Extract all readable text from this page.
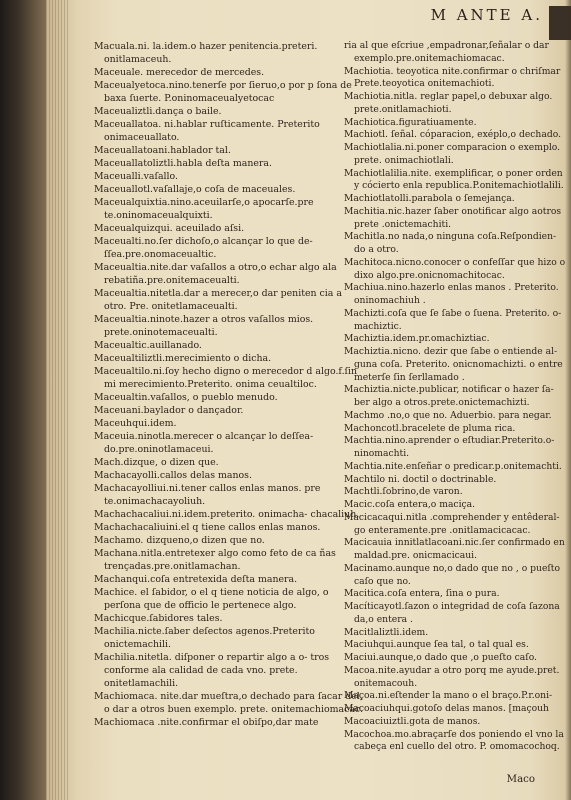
M ANTE A.

Macuala.ni. la.idem.o hazer penitencia.preteri. onitlamaceuh.

Maceuale. merecedor de mercedes.

Maceualyetoca.nino.tenerſe por ſieruo,o por p ſona de baxa ſuerte. P.oninomaceualyetocac

Maceualiztli.dança o baile.

Maceuallatoa. ni.hablar ruſticamente. Preterito onimaceuallato.

Maceuallatoani.hablador tal.

Maceuallatoliztli.habla deſta manera.

Maceualli.vaſallo.

Maceuallotl.vaſallaje,o coſa de maceuales.

Maceualquixtia.nino.aceuilarſe,o apocarſe.pre te.oninomaceualquixti.

Maceualquizqui. aceuilado aſsi.

Maceualti.no.ſer dichoſo,o alcançar lo que de- ſſea.pre.onomaceualtic.

Maceualtia.nite.dar vaſallos a otro,o echar algo ala rebatiña.pre.onitemaceualti.

Maceualtia.nitetla.dar a merecer,o dar peniten cia a otro. Pre. onitetlamaceualti.

Maceualtia.ninote.hazer a otros vaſallos mios. prete.oninotemaceualti.

Maceualtic.auillanado.

Maceualtiliztli.merecimiento o dicha.

Maceualtilo.ni.ſoy hecho digno o merecedor d algo.f.ſin mi merecimiento.Preterito. onima ceualtiloc.

Maceualtin.vaſallos, o pueblo menudo.

Maceuani.baylador o dançador.

Maceuhqui.idem.

Maceuia.ninotla.merecer o alcançar lo deſſea- do.pre.oninotlamaceui.

Mach.dizque, o dizen que.

Machacayolli.callos delas manos.

Machacayolliui.ni.tener callos enlas manos. pre te.onimachacayoliuh.

Machachacaliui.ni.idem.preterito. onimacha- chacaliuh.

Machachacaliuini.el q tiene callos enlas manos.

Machamo. dizqueno,o dizen que no.

Machana.nitla.entretexer algo como feto de ca ñas trençadas.pre.onitlamachan.

Machanqui.coſa entretexida deſta manera.

Machice. el ſabidor, o el q tiene noticia de algo, o perſona que de officio le pertenece algo.

Machicque.ſabidores tales.

Machilia.nicte.ſaber deſectos agenos.Preterito onictemachili.

Machilia.nitetla. diſponer o repartir algo a o- tros conforme ala calidad de cada vno. prete. onitetlamachili.

Machiomaca. nite.dar mueſtra,o dechado para ſacar del, o dar a otros buen exemplo. prete. onitemachiomacac.

Machiomaca .nite.confirmar el obiſpo,dar mate

ria al que eſcriue ,empadronar,ſeñalar o dar exemplo.pre.onitemachiomacac.

Machiotia. teoyotica nite.confirmar o chriſmar Prete.teoyotica onitemachioti.

Machiotia.nitla. reglar papel,o debuxar algo. prete.onitlamachioti.

Machiotica.figuratiuamente.

Machiotl. ſeñal. cóparacion, exéplo,o dechado.

Machiotlalia.ni.poner comparacion o exemplo. prete. onimachiotlali.

Machiotlalilia.nite. exemplificar, o poner orden y cócierto enla republica.P.onitemachiotlalili.

Machiotlatolli.parabola o ſemejança.

Machitia.nic.hazer ſaber onotificar algo aotros prete .onictemachiti.

Machitla.no nada,o ninguna coſa.Reſpondien- do a otro.

Machitoca.nicno.conocer o confeſſar que hizo o dixo algo.pre.onicnomachitocac.

Machiua.nino.hazerlo enlas manos . Preterito. oninomachiuh .

Machizti.coſa que ſe ſabe o ſuena. Preterito. o- machiztic.

Machiztia.idem.pr.omachiztiac.

Machiztia.nicno. dezir que ſabe o entiende al- guna coſa. Preterito. onicnomachizti. o entre meterſe ſin ſerllamado .

Machiztia.nicte.publicar, notificar o hazer ſa- ber algo a otros.prete.onictemachizti.

Machmo .no,o que no. Aduerbio. para negar.

Machoncotl.bracelete de pluma rica.

Machtia.nino.aprender o eſtudiar.Preterito.o- ninomachti.

Machtia.nite.enſeñar o predicar.p.onitemachti.

Machtilo ni. doctil o doctrinable.

Machtli.ſobrino,de varon.

Macic.coſa entera,o maciça.

Macicacaqui.nitla .comprehender y entêderal- go enteramente.pre .onitlamacicacac.

Macicauia innitlatlacoani.nic.ſer confirmado en maldad.pre. onicmacicaui.

Macinamo.aunque no,o dado que no , o pueſto caſo que no.

Macitica.coſa entera, ſina o pura.

Macíticayotl.ſazon o integridad de coſa ſazona da,o entera .

Macitlaliztli.idem.

Maciuhqui.aunque ſea tal, o tal qual es.

Maciui.aunque,o dado que ,o pueſto caſo.

Macoa.nite.ayudar a otro porq me ayude.pret. onitemacouh.

Maçoa.ni.eſtender la mano o el braço.P.r.oni-

Macoaciuhqui.gotoſo delas manos. [maçouh

Macoaciuiztli.gota de manos.

Macochoa.mo.abraçarſe dos poniendo el vno la cabeça enl cuello del otro. P. omomacochoq.

Maco
